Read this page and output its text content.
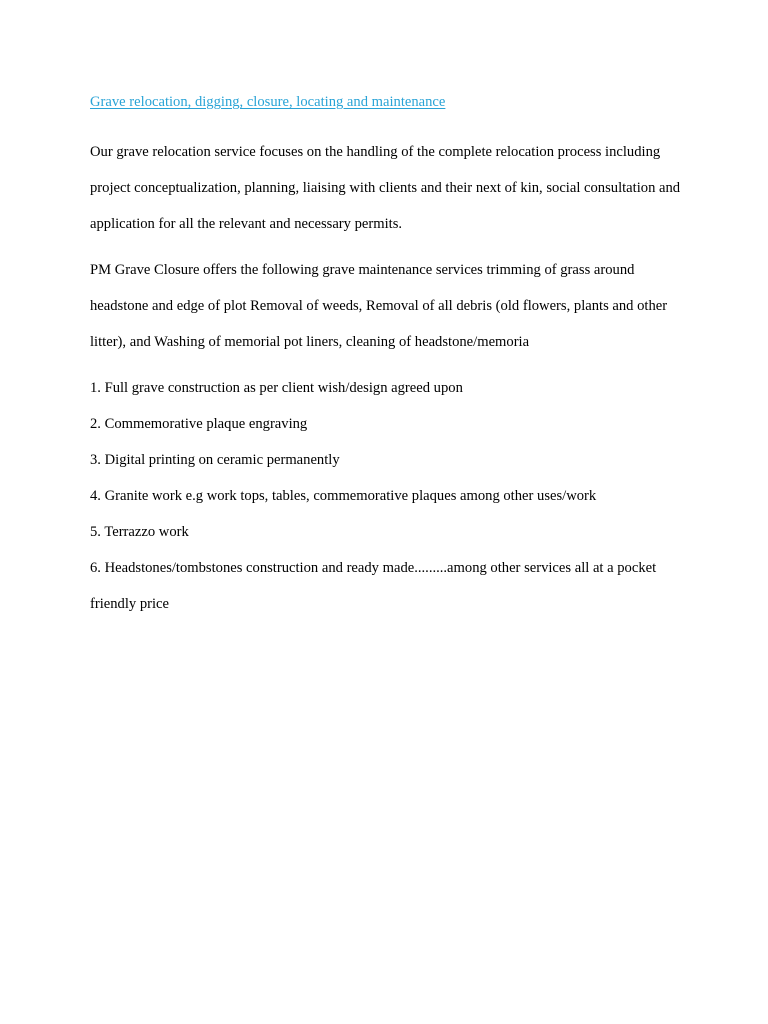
Grave relocation, digging, closure, locating and maintenance

Our grave relocation service focuses on the handling of the complete relocation process including project conceptualization, planning, liaising with clients and their next of kin, social consultation and application for all the relevant and necessary permits.

PM Grave Closure offers the following grave maintenance services trimming of grass around headstone and edge of plot Removal of weeds, Removal of all debris (old flowers, plants and other litter), and Washing of memorial pot liners, cleaning of headstone/memoria

1. Full grave construction as per client wish/design agreed upon
2. Commemorative plaque engraving
3. Digital printing on ceramic permanently
4. Granite work e.g work tops, tables, commemorative plaques among other uses/work
5. Terrazzo work
6. Headstones/tombstones construction and ready made.........among other services all at a pocket friendly price
